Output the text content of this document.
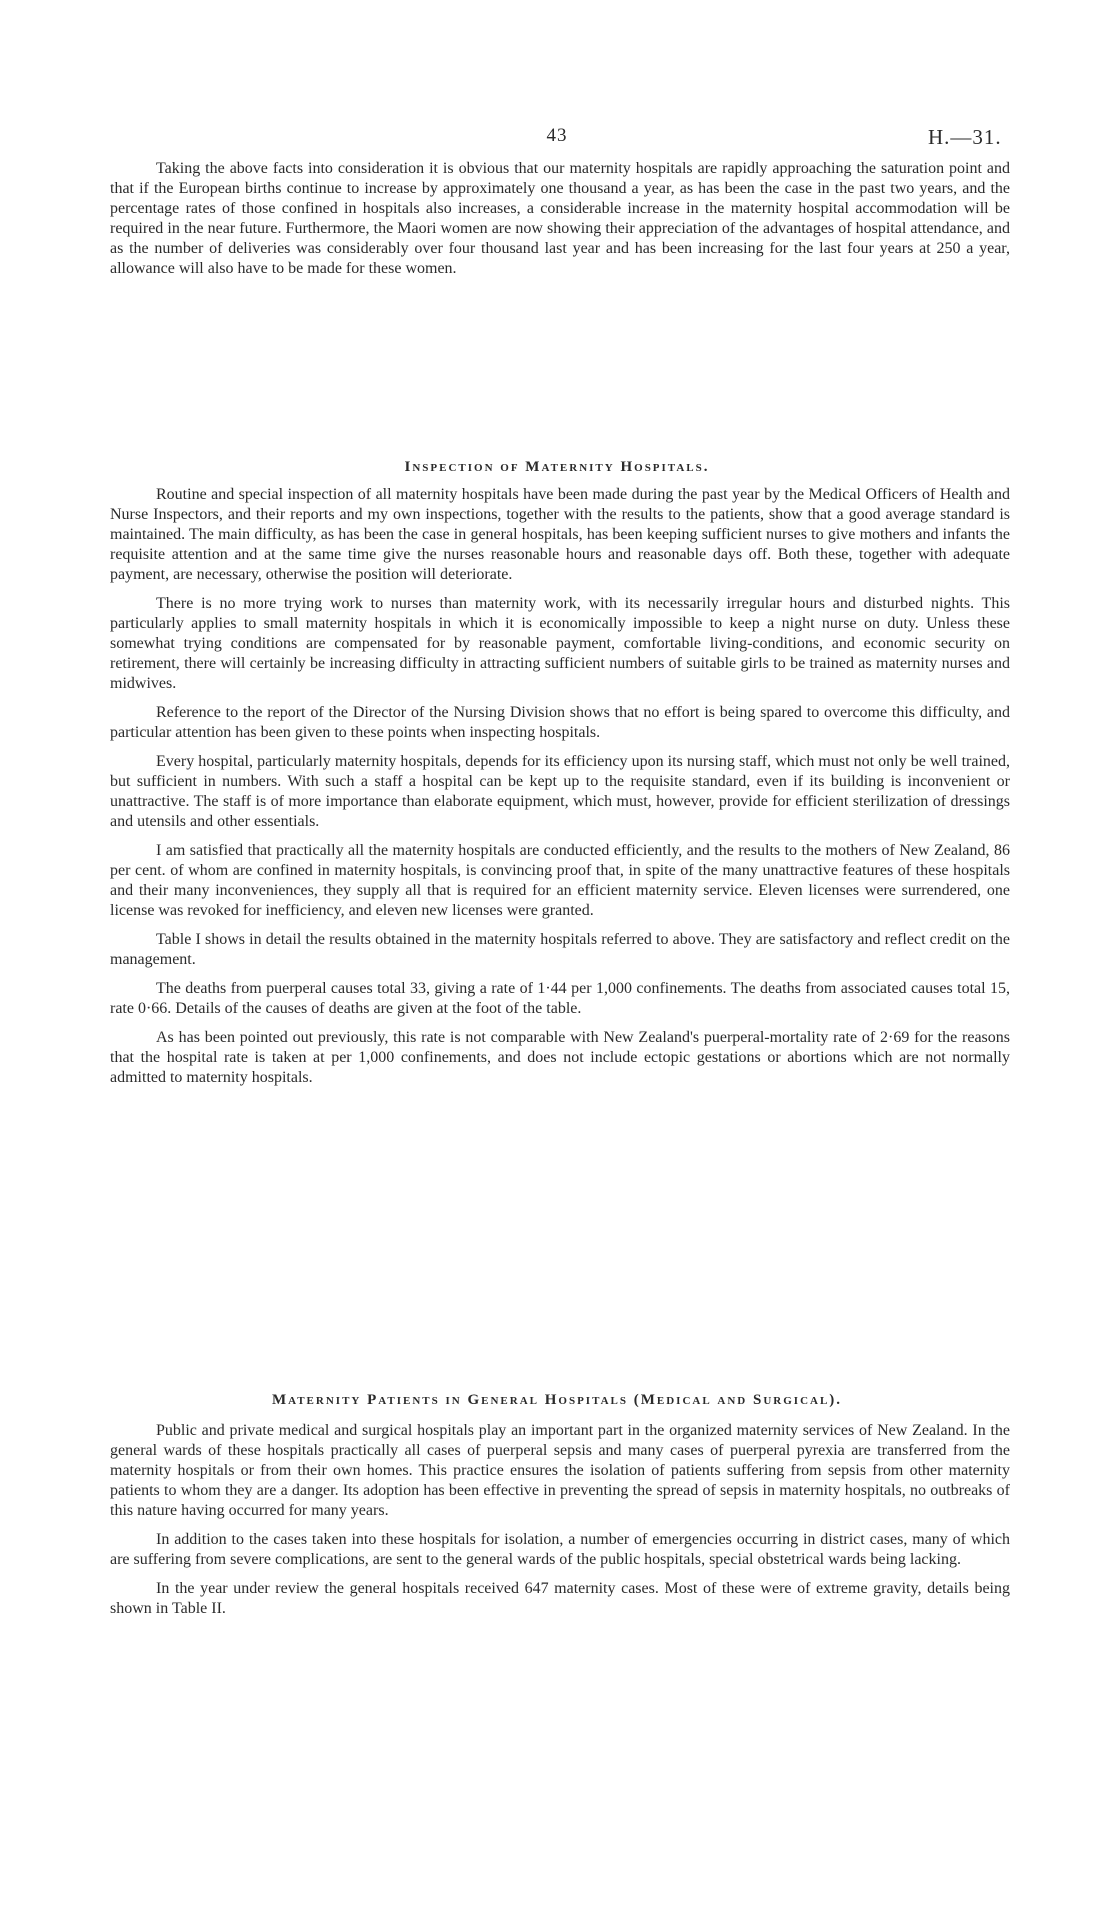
43	H.—31.

Taking the above facts into consideration it is obvious that our maternity hospitals are rapidly approaching the saturation point and that if the European births continue to increase by approximately one thousand a year, as has been the case in the past two years, and the percentage rates of those confined in hospitals also increases, a considerable increase in the maternity hospital accommodation will be required in the near future. Furthermore, the Maori women are now showing their appreciation of the advantages of hospital attendance, and as the number of deliveries was considerably over four thousand last year and has been increasing for the last four years at 250 a year, allowance will also have to be made for these women.

Inspection of Maternity Hospitals.

Routine and special inspection of all maternity hospitals have been made during the past year by the Medical Officers of Health and Nurse Inspectors, and their reports and my own inspections, together with the results to the patients, show that a good average standard is maintained. The main difficulty, as has been the case in general hospitals, has been keeping sufficient nurses to give mothers and infants the requisite attention and at the same time give the nurses reasonable hours and reasonable days off. Both these, together with adequate payment, are necessary, otherwise the position will deteriorate.

There is no more trying work to nurses than maternity work, with its necessarily irregular hours and disturbed nights. This particularly applies to small maternity hospitals in which it is economically impossible to keep a night nurse on duty. Unless these somewhat trying conditions are compensated for by reasonable payment, comfortable living-conditions, and economic security on retirement, there will certainly be increasing difficulty in attracting sufficient numbers of suitable girls to be trained as maternity nurses and midwives.

Reference to the report of the Director of the Nursing Division shows that no effort is being spared to overcome this difficulty, and particular attention has been given to these points when inspecting hospitals.

Every hospital, particularly maternity hospitals, depends for its efficiency upon its nursing staff, which must not only be well trained, but sufficient in numbers. With such a staff a hospital can be kept up to the requisite standard, even if its building is inconvenient or unattractive. The staff is of more importance than elaborate equipment, which must, however, provide for efficient sterilization of dressings and utensils and other essentials.

I am satisfied that practically all the maternity hospitals are conducted efficiently, and the results to the mothers of New Zealand, 86 per cent. of whom are confined in maternity hospitals, is convincing proof that, in spite of the many unattractive features of these hospitals and their many inconveniences, they supply all that is required for an efficient maternity service. Eleven licenses were surrendered, one license was revoked for inefficiency, and eleven new licenses were granted.

Table I shows in detail the results obtained in the maternity hospitals referred to above. They are satisfactory and reflect credit on the management.

The deaths from puerperal causes total 33, giving a rate of 1·44 per 1,000 confinements. The deaths from associated causes total 15, rate 0·66. Details of the causes of deaths are given at the foot of the table.

As has been pointed out previously, this rate is not comparable with New Zealand's puerperal-mortality rate of 2·69 for the reasons that the hospital rate is taken at per 1,000 confinements, and does not include ectopic gestations or abortions which are not normally admitted to maternity hospitals.

Maternity Patients in General Hospitals (Medical and Surgical).

Public and private medical and surgical hospitals play an important part in the organized maternity services of New Zealand. In the general wards of these hospitals practically all cases of puerperal sepsis and many cases of puerperal pyrexia are transferred from the maternity hospitals or from their own homes. This practice ensures the isolation of patients suffering from sepsis from other maternity patients to whom they are a danger. Its adoption has been effective in preventing the spread of sepsis in maternity hospitals, no outbreaks of this nature having occurred for many years.

In addition to the cases taken into these hospitals for isolation, a number of emergencies occurring in district cases, many of which are suffering from severe complications, are sent to the general wards of the public hospitals, special obstetrical wards being lacking.

In the year under review the general hospitals received 647 maternity cases. Most of these were of extreme gravity, details being shown in Table II.
